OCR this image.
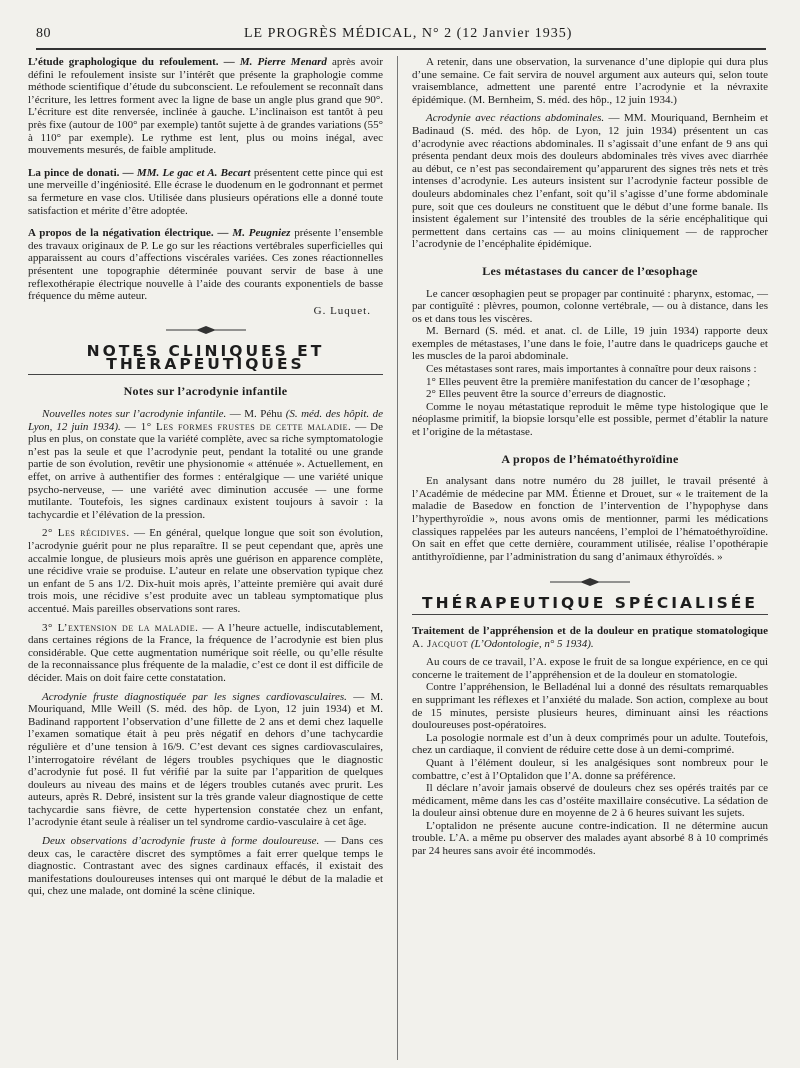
80	LE PROGRÈS MÉDICAL, N° 2 (12 Janvier 1935)

L’étude graphologique du refoulement. — M. Pierre Menard après avoir défini le refoulement insiste sur l’intérêt que présente la graphologie comme méthode scientifique d’étude du subconscient. Le refoulement se reconnaît dans l’écriture, les lettres forment avec la ligne de base un angle plus grand que 90°. L’écriture est dite renversée, inclinée à gauche. L’inclinaison est tantôt à peu près fixe (autour de 100° par exemple) tantôt sujette à de grandes variations (55° à 110° par exemple). Le rythme est lent, plus ou moins inégal, avec mouvements mesurés, de faible amplitude.

La pince de donati. — MM. Le gac et A. Becart présentent cette pince qui est une merveille d’ingéniosité. Elle écrase le duodenum en le godronnant et permet sa fermeture en vase clos. Utilisée dans plusieurs opérations elle a donné toute satisfaction et mérite d’être adoptée.

A propos de la négativation électrique. — M. Peugniez présente l’ensemble des travaux originaux de P. Le go sur les réactions vertébrales superficielles qui apparaissent au cours d’affections viscérales variées. Ces zones réactionnelles présentent une topographie déterminée pouvant servir de base à une reflexothérapie électrique nouvelle à l’aide des courants exponentiels de basse fréquence du même auteur.

G. Luquet.
NOTES CLINIQUES ET THÉRAPEUTIQUES
Notes sur l’acrodynie infantile

Nouvelles notes sur l’acrodynie infantile. — M. Péhu (S. méd. des hôpit. de Lyon, 12 juin 1934). — 1° Les formes frustes de cette maladie. — De plus en plus, on constate que la variété complète, avec sa riche symptomatologie n’est pas la seule et que l’acrodynie peut, pendant la totalité ou une grande partie de son évolution, revêtir une physionomie « atténuée ». Actuellement, en effet, on arrive à authentifier des formes : entéralgique — une variété unique psycho-nerveuse, — une variété avec diminution accusée — une forme mutilante. Toutefois, les signes cardinaux existent toujours à savoir : la tachycardie et l’élévation de la pression.

2° Les récidives. — En général, quelque longue que soit son évolution, l’acrodynie guérit pour ne plus reparaître. Il se peut cependant que, après une accalmie longue, de plusieurs mois après une guérison en apparence complète, une récidive vraie se produise. L’auteur en relate une observation typique chez un enfant de 5 ans 1/2. Dix-huit mois après, l’atteinte première qui avait duré trois mois, une récidive s’est produite avec un tableau symptomatique plus accentué. Mais pareilles observations sont rares.

3° L’extension de la maladie. — A l’heure actuelle, indiscutablement, dans certaines régions de la France, la fréquence de l’acrodynie est bien plus considérable. Que cette augmentation numérique soit réelle, ou qu’elle résulte de la reconnaissance plus fréquente de la maladie, c’est ce dont il est difficile de décider. Mais on doit faire cette constatation.

Acrodynie fruste diagnostiquée par les signes cardiovasculaires. — M. Mouriquand, Mlle Weill (S. méd. des hôp. de Lyon, 12 juin 1934) et M. Badinand rapportent l’observation d’une fillette de 2 ans et demi chez laquelle l’examen somatique était à peu près négatif en dehors d’une tachycardie régulière et d’une tension à 16/9. C’est devant ces signes cardiovasculaires, l’interrogatoire révélant de légers troubles psychiques que le diagnostic d’acrodynie fut posé. Il fut vérifié par la suite par l’apparition de quelques douleurs au niveau des mains et de légers troubles cutanés avec prurit. Les auteurs, après R. Debré, insistent sur la très grande valeur diagnostique de cette tachycardie sans fièvre, de cette hypertension constatée chez un enfant, l’acrodynie étant seule à réaliser un tel syndrome cardio-vasculaire à cet âge.

Deux observations d’acrodynie fruste à forme douloureuse. — Dans ces deux cas, le caractère discret des symptômes a fait errer quelque temps le diagnostic. Contrastant avec des signes cardinaux effacés, il existait des manifestations douloureuses intenses qui ont marqué le début de la maladie et qui, chez une malade, ont dominé la scène clinique.

A retenir, dans une observation, la survenance d’une diplopie qui dura plus d’une semaine. Ce fait servira de nouvel argument aux auteurs qui, selon toute vraisemblance, admettent une parenté entre l’acrodynie et la névraxite épidémique. (M. Bernheim, S. méd. des hôp., 12 juin 1934.)

Acrodynie avec réactions abdominales. — MM. Mouriquand, Bernheim et Badinaud (S. méd. des hôp. de Lyon, 12 juin 1934) présentent un cas d’acrodynie avec réactions abdominales. Il s’agissait d’une enfant de 9 ans qui présenta pendant deux mois des douleurs abdominales très vives avec diarrhée au début, ce n’est pas secondairement qu’apparurent des signes très nets et très intenses d’acrodynie. Les auteurs insistent sur l’acrodynie facteur possible de douleurs abdominales chez l’enfant, soit qu’il s’agisse d’une forme abdominale pure, soit que ces douleurs ne constituent que le début d’une forme banale. Ils insistent également sur l’intensité des troubles de la série encéphalitique qui permettent dans certains cas — au moins cliniquement — de rapprocher l’acrodynie de l’encéphalite épidémique.

Les métastases du cancer de l’œsophage

Le cancer œsophagien peut se propager par continuité : pharynx, estomac, — par contiguïté : plèvres, poumon, colonne vertébrale, — ou à distance, dans les os et dans tous les viscères.

M. Bernard (S. méd. et anat. cl. de Lille, 19 juin 1934) rapporte deux exemples de métastases, l’une dans le foie, l’autre dans le quadriceps gauche et les muscles de la paroi abdominale.

Ces métastases sont rares, mais importantes à connaître pour deux raisons :

1° Elles peuvent être la première manifestation du cancer de l’œsophage ;

2° Elles peuvent être la source d’erreurs de diagnostic.

Comme le noyau métastatique reproduit le même type histologique que le néoplasme primitif, la biopsie lorsqu’elle est possible, permet d’établir la nature et l’origine de la métastase.

A propos de l’hématoéthyroïdine

En analysant dans notre numéro du 28 juillet, le travail présenté à l’Académie de médecine par MM. Étienne et Drouet, sur « le traitement de la maladie de Basedow en fonction de l’intervention de l’hypophyse dans l’hyperthyroïdie », nous avons omis de mentionner, parmi les médications classiques rappelées par les auteurs nancéens, l’emploi de l’hématoéthyroïdine. On sait en effet que cette dernière, couramment utilisée, réalise l’opothérapie antithyroïdienne, par l’administration du sang d’animaux éthyroïdés. »

THÉRAPEUTIQUE SPÉCIALISÉE

Traitement de l’appréhension et de la douleur en pratique stomatologique A. Jacquot (L’Odontologie, n° 5 1934).

Au cours de ce travail, l’A. expose le fruit de sa longue expérience, en ce qui concerne le traitement de l’appréhension et de la douleur en stomatologie.

Contre l’appréhension, le Belladénal lui a donné des résultats remarquables en supprimant les réflexes et l’anxiété du malade. Son action, complexe au bout de 15 minutes, persiste plusieurs heures, diminuant ainsi les réactions douloureuses post-opératoires.

La posologie normale est d’un à deux comprimés pour un adulte. Toutefois, chez un cardiaque, il convient de réduire cette dose à un demi-comprimé.

Quant à l’élément douleur, si les analgésiques sont nombreux pour le combattre, c’est à l’Optalidon que l’A. donne sa préférence.

Il déclare n’avoir jamais observé de douleurs chez ses opérés traités par ce médicament, même dans les cas d’ostéite maxillaire consécutive. La sédation de la douleur ainsi obtenue dure en moyenne de 2 à 6 heures suivant les sujets.

L’optalidon ne présente aucune contre-indication. Il ne détermine aucun trouble. L’A. a même pu observer des malades ayant absorbé 8 à 10 comprimés par 24 heures sans avoir été incommodés.
